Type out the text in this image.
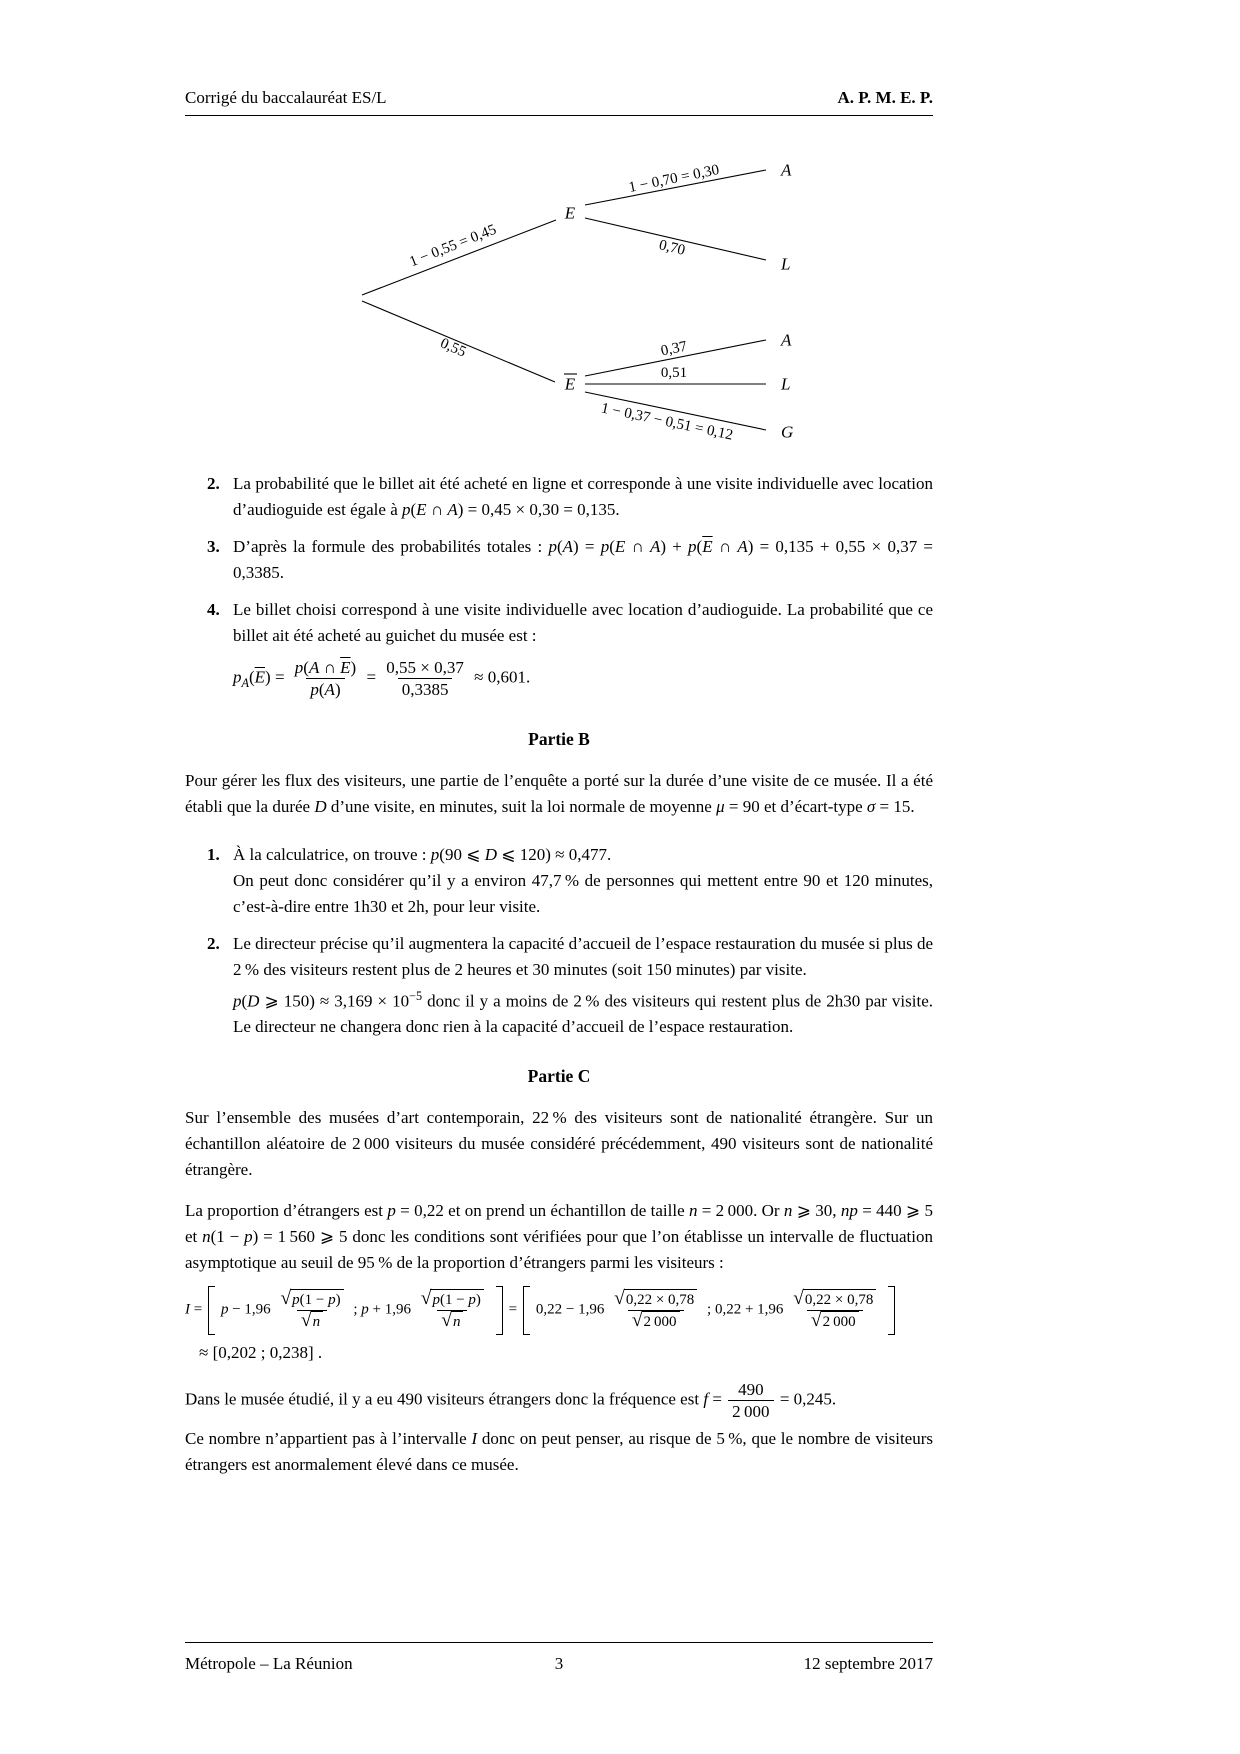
Corrigé du baccalauréat ES/L	A. P. M. E. P.
1 − 0,55 = 0,45
0,55
1 − 0,70 = 0,30
0,70
0,37
0,51
1 − 0,37 − 0,51 = 0,12
E
E
A
L
A
L
G
2. La probabilité que le billet ait été acheté en ligne et corresponde à une visite individuelle avec location d’audioguide est égale à p(E ∩ A) = 0,45 × 0,30 = 0,135.
3. D’après la formule des probabilités totales : p(A) = p(E ∩ $A) + p(\overline{E}$ ∩ A) = 0,135 + 0,55 × 0,37 = 0,3385.
4. Le billet choisi correspond à une visite individuelle avec location d’audioguide. La probabilité que ce billet ait été acheté au guichet du musée est :
$p_A(\overline{E}) = \frac{p(A \cap \overline{E})}{p(A)} = \frac{0,55 \times 0,37}{0,3385} \approx 0,601$.
Partie B

Pour gérer les flux des visiteurs, une partie de l’enquête a porté sur la durée d’une visite de ce musée. Il a été établi que la durée D d’une visite, en minutes, suit la loi normale de moyenne μ = 90 et d’écart-type σ = 15.

1. À la calculatrice, on trouve : p(90 ⩽ D ⩽ 120) ≈ 0,477.
On peut donc considérer qu’il y a environ 47,7 % de personnes qui mettent entre 90 et 120 minutes, c’est-à-dire entre 1h30 et 2h, pour leur visite.
2. Le directeur précise qu’il augmentera la capacité d’accueil de l’espace restauration du musée si plus de 2 % des visiteurs restent plus de 2 heures et 30 minutes (soit 150 minutes) par visite.
p(D ⩾ $150) \approx 3,169 \times 10^{-5}$ donc il y a moins de 2 % des visiteurs qui restent plus de 2h30 par visite. Le directeur ne changera donc rien à la capacité d’accueil de l’espace restauration.
Partie C

Sur l’ensemble des musées d’art contemporain, 22 % des visiteurs sont de nationalité étrangère. Sur un échantillon aléatoire de 2 000 visiteurs du musée considéré précédemment, 490 visiteurs sont de nationalité étrangère.

La proportion d’étrangers est p = 0,22 et on prend un échantillon de taille n = 2 000. Or n ⩾ 30, np = 440 ⩾ 5 et n(1 − p) = 1 560 ⩾ 5 donc les conditions sont vérifiées pour que l’on établisse un intervalle de fluctuation asymptotique au seuil de 95 % de la proportion d’étrangers parmi les visiteurs :

$I = p - 1,96 \frac{√ p(1 - p)}{√ n}$ ; $p + 1,96 \frac{√ p(1 - p)}{√ n} = 0,22 - 1,96 \frac{√ 0,22 \times 0,78}{√ 2 000}$ ; $0,22 + 1,96 \frac{√ 0,22 \times 0,78}{√ 2 000}$
≈ [0,202 ; 0,238] .

Dans le musée étudié, il y a eu 490 visiteurs étrangers donc la fréquence est $f = \frac{490}{2 000} = 0,245$.

Ce nombre n’appartient pas à l’intervalle I donc on peut penser, au risque de 5 %, que le nombre de visiteurs étrangers est anormalement élevé dans ce musée.

Métropole – La Réunion	3	12 septembre 2017
